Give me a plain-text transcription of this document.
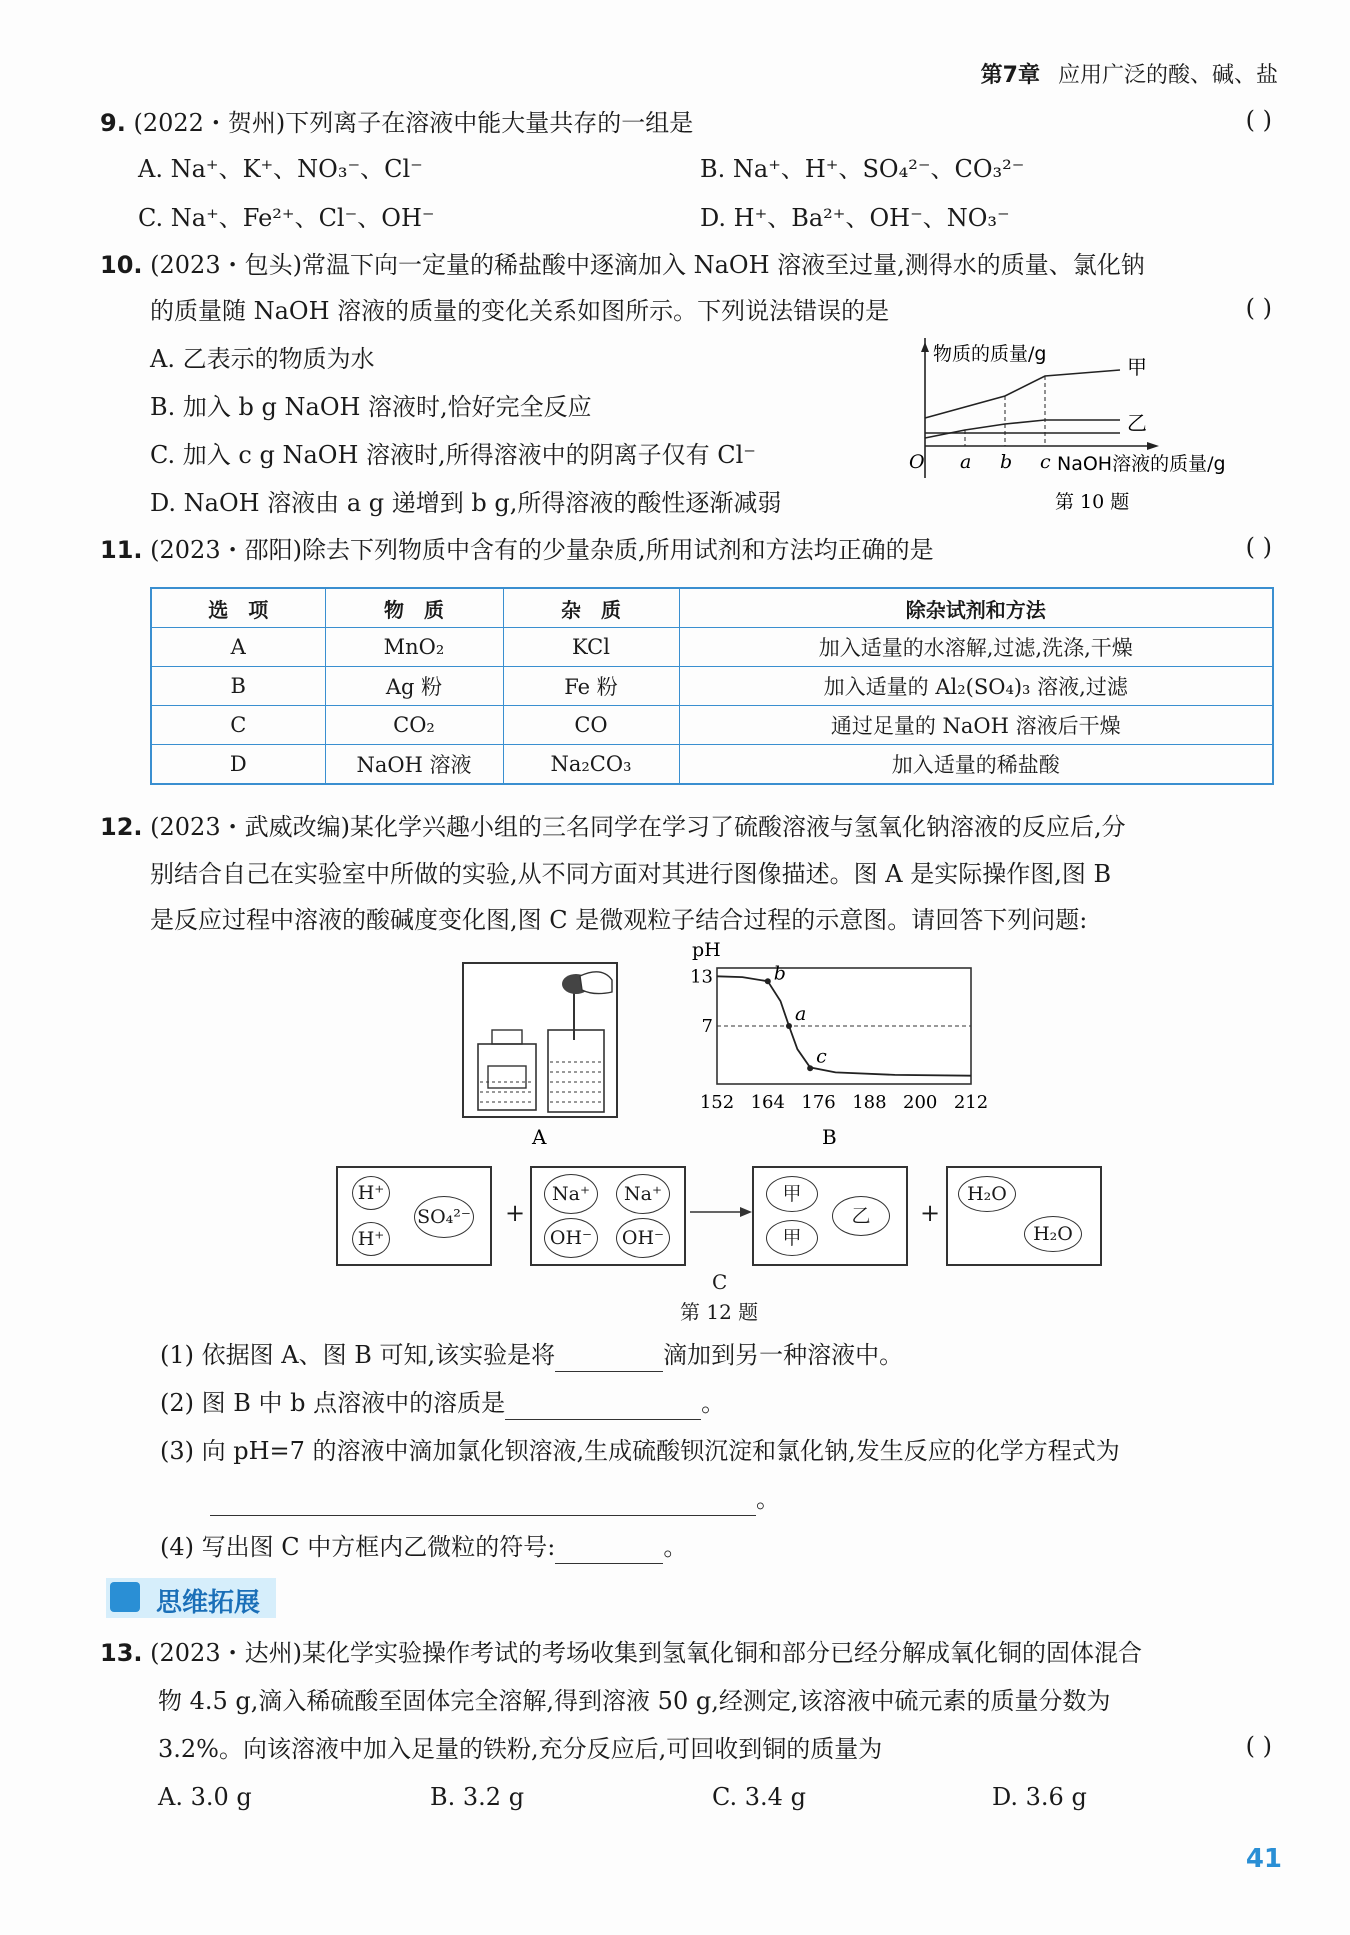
第7章 应用广泛的酸、碱、盐
9. (2022・贺州)下列离子在溶液中能大量共存的一组是	( )
A. Na⁺、K⁺、NO₃⁻、Cl⁻	B. Na⁺、H⁺、SO₄²⁻、CO₃²⁻
C. Na⁺、Fe²⁺、Cl⁻、OH⁻	D. H⁺、Ba²⁺、OH⁻、NO₃⁻
10. (2023・包头)常温下向一定量的稀盐酸中逐滴加入 NaOH 溶液至过量,测得水的质量、氯化钠
的质量随 NaOH 溶液的质量的变化关系如图所示。下列说法错误的是	( )
A. 乙表示的物质为水
B. 加入 b g NaOH 溶液时,恰好完全反应
C. 加入 c g NaOH 溶液时,所得溶液中的阴离子仅有 Cl⁻
D. NaOH 溶液由 a g 递增到 b g,所得溶液的酸性逐渐减弱
物质的质量/g
甲
乙
O a b c NaOH溶液的质量/g
第 10 题
11. (2023・邵阳)除去下列物质中含有的少量杂质,所用试剂和方法均正确的是	( )
选　项	物　质	杂　质	除杂试剂和方法
A	MnO₂	KCl	加入适量的水溶解,过滤,洗涤,干燥
B	Ag 粉	Fe 粉	加入适量的 Al₂(SO₄)₃ 溶液,过滤
C	CO₂	CO	通过足量的 NaOH 溶液后干燥
D	NaOH 溶液	Na₂CO₃	加入适量的稀盐酸
12. (2023・武威改编)某化学兴趣小组的三名同学在学习了硫酸溶液与氢氧化钠溶液的反应后,分
别结合自己在实验室中所做的实验,从不同方面对其进行图像描述。图 A 是实际操作图,图 B
是反应过程中溶液的酸碱度变化图,图 C 是微观粒子结合过程的示意图。请回答下列问题:
A
pH
13
7
152 164 176 188 200 212
b
a
c
B
H⁺
H⁺
SO₄²⁻ +
Na⁺	Na⁺
OH⁻	OH⁻
甲
甲
乙	+
H₂O
H₂O
C
第 12 题
(1) 依据图 A、图 B 可知,该实验是将	滴加到另一种溶液中。
(2) 图 B 中 b 点溶液中的溶质是	。
(3) 向 pH=7 的溶液中滴加氯化钡溶液,生成硫酸钡沉淀和氯化钠,发生反应的化学方程式为
。
(4) 写出图 C 中方框内乙微粒的符号:	。
思维拓展
13. (2023・达州)某化学实验操作考试的考场收集到氢氧化铜和部分已经分解成氧化铜的固体混合
物 4.5 g,滴入稀硫酸至固体完全溶解,得到溶液 50 g,经测定,该溶液中硫元素的质量分数为
3.2%。向该溶液中加入足量的铁粉,充分反应后,可回收到铜的质量为	( )
A. 3.0 g	B. 3.2 g	C. 3.4 g	D. 3.6 g
41
